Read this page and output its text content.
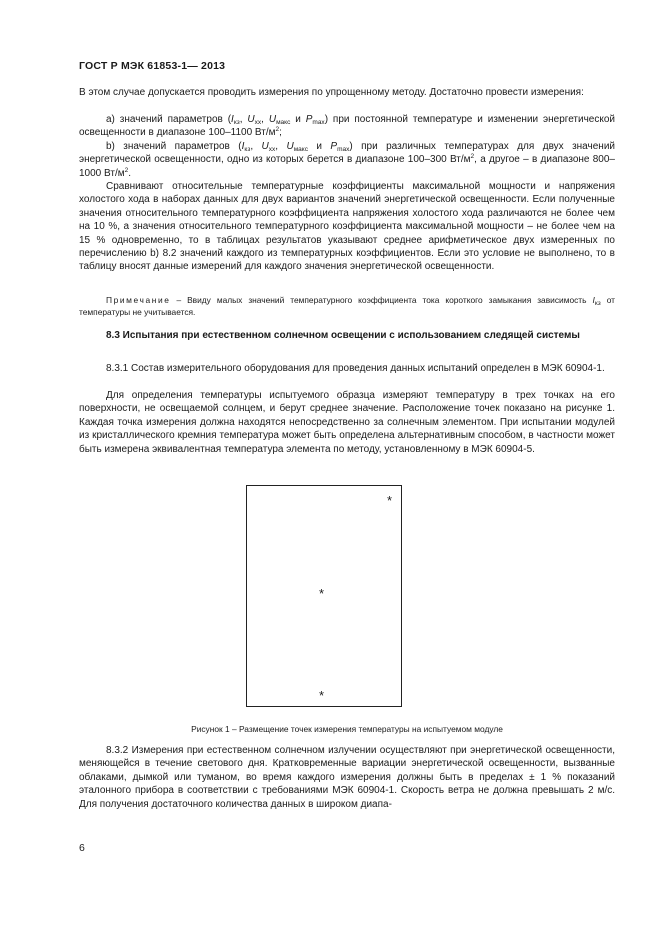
ГОСТ Р МЭК 61853-1— 2013
В этом случае допускается проводить измерения по упрощенному методу. Достаточно провести измерения:
а) значений параметров ($I_{кз}$, $U_{хх}$, $U_{макс}$ и $P_{max}$) при постоянной температуре и изменении энергетической освещенности в диапазоне 100–1100 $Вт/м^2$;
b) значений параметров ($I_{кз}$, $U_{хх}$, $U_{макс}$ и $P_{max}$) при различных температурах для двух значений энергетической освещенности, одно из которых берется в диапазоне 100–300 $Вт/м^2$, а другое – в диапазоне 800–1000 $Вт/м^2$.
Сравнивают относительные температурные коэффициенты максимальной мощности и напряжения холостого хода в наборах данных для двух вариантов значений энергетической освещенности. Если полученные значения относительного температурного коэффициента напряжения холостого хода различаются не более чем на 10 %, а значения относительного температурного коэффициента максимальной мощности – не более чем на 15 % одновременно, то в таблицах результатов указывают среднее арифметическое двух измеренных по перечислению b) 8.2 значений каждого из температурных коэффициентов. Если это условие не выполнено, то в таблицу вносят данные измерений для каждого значения энергетической освещенности.
Примечание – Ввиду малых значений температурного коэффициента тока короткого замыкания зависимость $I_{кз}$ от температуры не учитывается.
8.3 Испытания при естественном солнечном освещении с использованием следящей системы
8.3.1 Состав измерительного оборудования для проведения данных испытаний определен в МЭК 60904-1.
Для определения температуры испытуемого образца измеряют температуру в трех точках на его поверхности, не освещаемой солнцем, и берут среднее значение. Расположение точек показано на рисунке 1. Каждая точка измерения должна находятся непосредственно за солнечным элементом. При испытании модулей из кристаллического кремния температура может быть определена альтернативным способом, в частности может быть измерена эквивалентная температура элемента по методу, установленному в МЭК 60904-5.
*
*
*
Рисунок 1 – Размещение точек измерения температуры на испытуемом модуле
8.3.2 Измерения при естественном солнечном излучении осуществляют при энергетической освещенности, меняющейся в течение светового дня. Кратковременные вариации энергетической освещенности, вызванные облаками, дымкой или туманом, во время каждого измерения должны быть в пределах ± 1 % показаний эталонного прибора в соответствии с требованиями МЭК 60904-1. Скорость ветра не должна превышать 2 м/с. Для получения достаточного количества данных в широком диапа-
6
